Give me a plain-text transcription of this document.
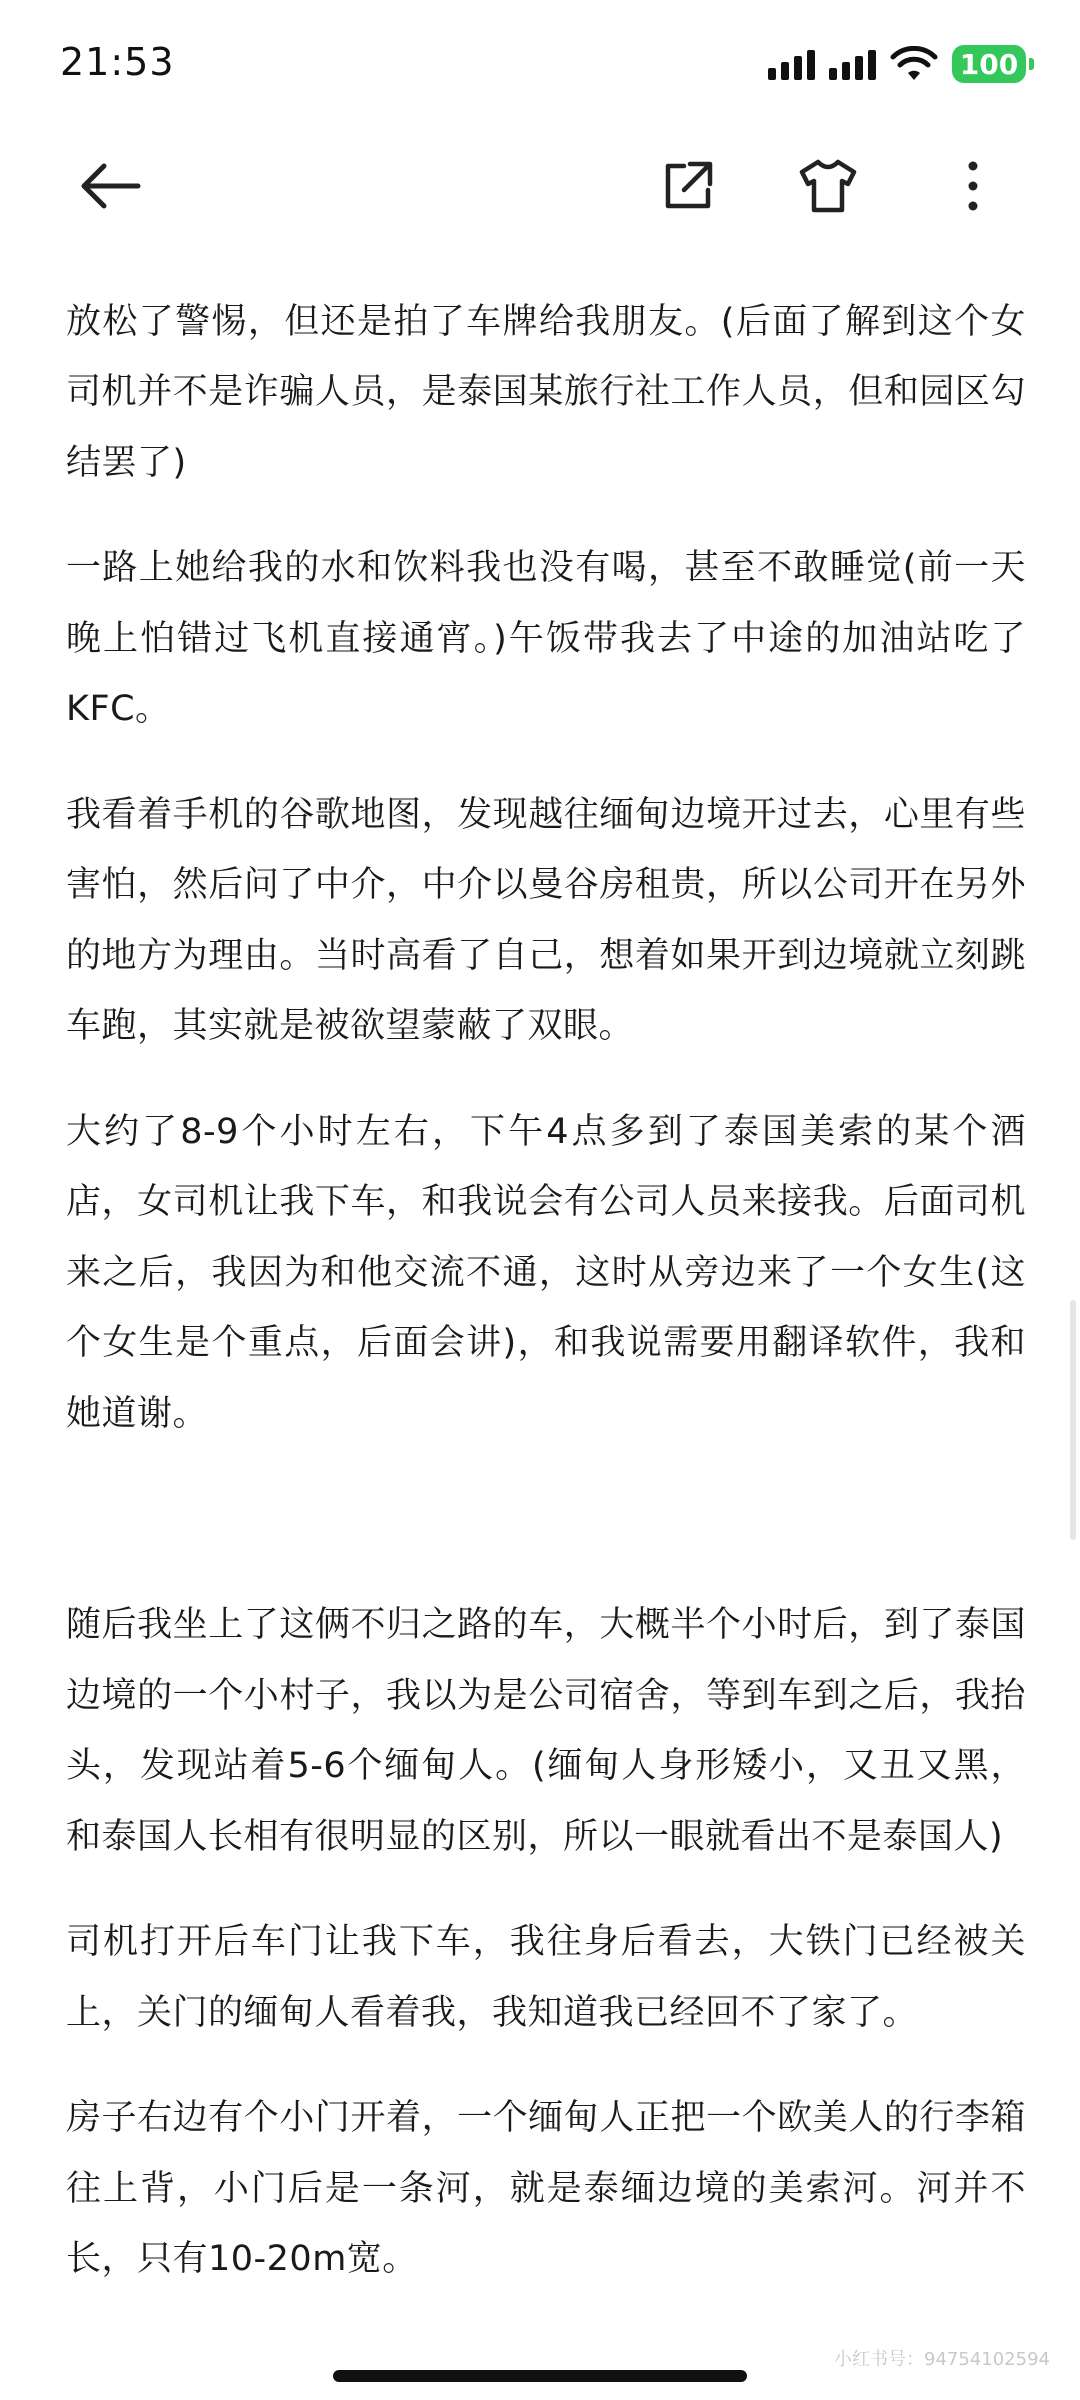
21:53	100
放松了警惕，但还是拍了车牌给我朋友。(后面了解到这个女司机并不是诈骗人员，是泰国某旅行社工作人员，但和园区勾结罢了)
一路上她给我的水和饮料我也没有喝，甚至不敢睡觉(前一天晚上怕错过飞机直接通宵。)午饭带我去了中途的加油站吃了KFC。
我看着手机的谷歌地图，发现越往缅甸边境开过去，心里有些害怕，然后问了中介，中介以曼谷房租贵，所以公司开在另外的地方为理由。当时高看了自己，想着如果开到边境就立刻跳车跑，其实就是被欲望蒙蔽了双眼。
大约了8-9个小时左右，下午4点多到了泰国美索的某个酒店，女司机让我下车，和我说会有公司人员来接我。后面司机来之后，我因为和他交流不通，这时从旁边来了一个女生(这个女生是个重点，后面会讲)，和我说需要用翻译软件，我和她道谢。
随后我坐上了这俩不归之路的车，大概半个小时后，到了泰国边境的一个小村子，我以为是公司宿舍，等到车到之后，我抬头，发现站着5-6个缅甸人。(缅甸人身形矮小，又丑又黑，和泰国人长相有很明显的区别，所以一眼就看出不是泰国人)
司机打开后车门让我下车，我往身后看去，大铁门已经被关上，关门的缅甸人看着我，我知道我已经回不了家了。
房子右边有个小门开着，一个缅甸人正把一个欧美人的行李箱往上背，小门后是一条河，就是泰缅边境的美索河。河并不长，只有10-20m宽。
小红书号：94754102594
